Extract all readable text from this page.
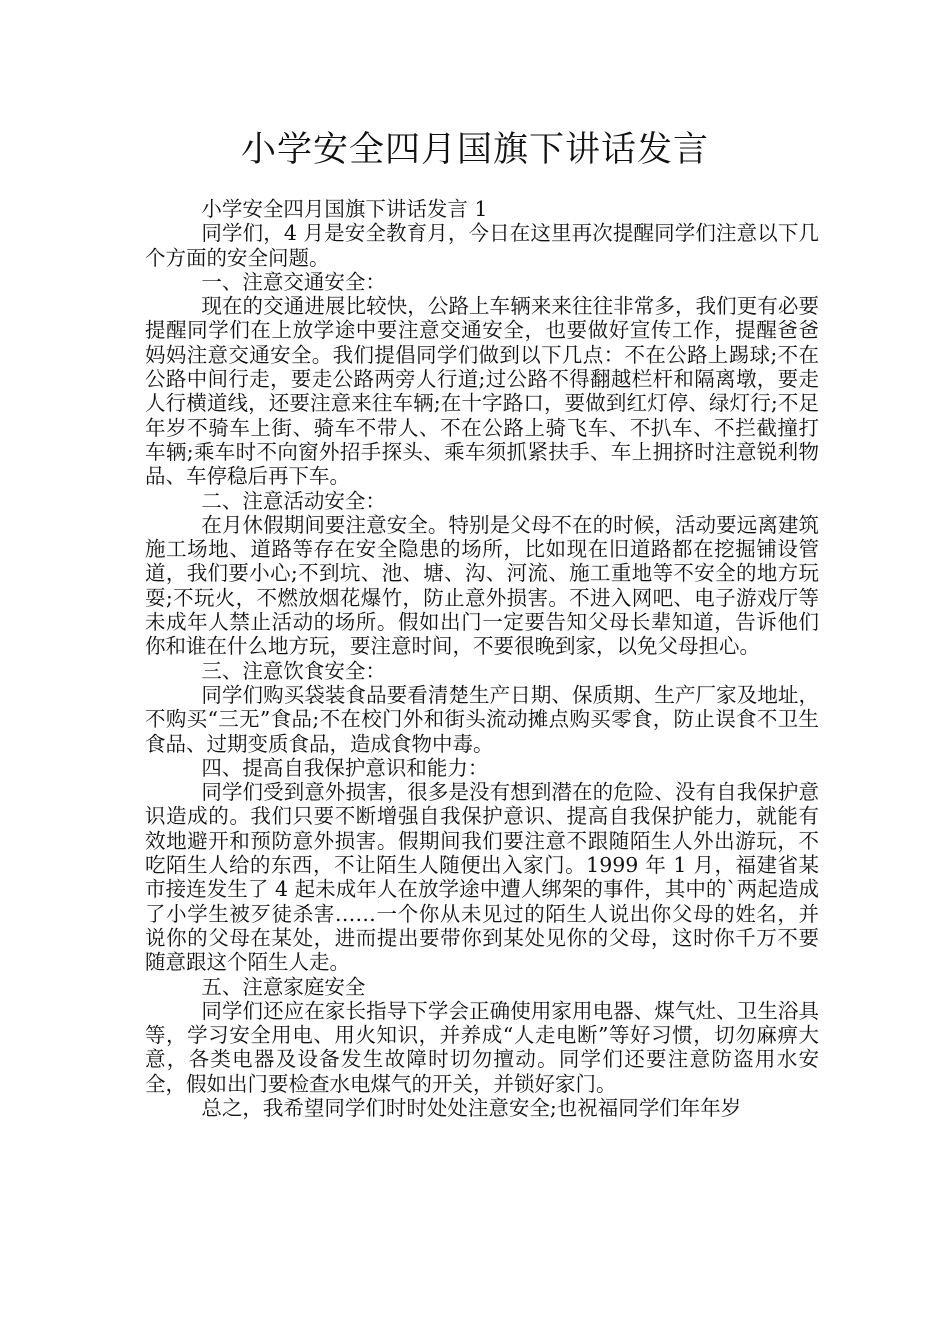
小学安全四月国旗下讲话发言

小学安全四月国旗下讲话发言 1

同学们，4 月是安全教育月，今日在这里再次提醒同学们注意以下几个方面的安全问题。

一、注意交通安全：

现在的交通进展比较快，公路上车辆来来往往非常多，我们更有必要提醒同学们在上放学途中要注意交通安全，也要做好宣传工作，提醒爸爸妈妈注意交通安全。我们提倡同学们做到以下几点：不在公路上踢球;不在公路中间行走，要走公路两旁人行道;过公路不得翻越栏杆和隔离墩，要走人行横道线，还要注意来往车辆;在十字路口，要做到红灯停、绿灯行;不足年岁不骑车上街、骑车不带人、不在公路上骑飞车、不扒车、不拦截撞打车辆;乘车时不向窗外招手探头、乘车须抓紧扶手、车上拥挤时注意锐利物品、车停稳后再下车。

二、注意活动安全：

在月休假期间要注意安全。特别是父母不在的时候，活动要远离建筑施工场地、道路等存在安全隐患的场所，比如现在旧道路都在挖掘铺设管道，我们要小心;不到坑、池、塘、沟、河流、施工重地等不安全的地方玩耍;不玩火，不燃放烟花爆竹，防止意外损害。不进入网吧、电子游戏厅等未成年人禁止活动的场所。假如出门一定要告知父母长辈知道，告诉他们你和谁在什么地方玩，要注意时间，不要很晚到家，以免父母担心。

三、注意饮食安全：

同学们购买袋装食品要看清楚生产日期、保质期、生产厂家及地址，不购买“三无”食品;不在校门外和街头流动摊点购买零食，防止误食不卫生食品、过期变质食品，造成食物中毒。

四、提高自我保护意识和能力：

同学们受到意外损害，很多是没有想到潜在的危险、没有自我保护意识造成的。我们只要不断增强自我保护意识、提高自我保护能力，就能有效地避开和预防意外损害。假期间我们要注意不跟随陌生人外出游玩，不吃陌生人给的东西，不让陌生人随便出入家门。1999 年 1 月，福建省某市接连发生了 4 起未成年人在放学途中遭人绑架的事件，其中的`两起造成了小学生被歹徒杀害……一个你从未见过的陌生人说出你父母的姓名，并说你的父母在某处，进而提出要带你到某处见你的父母，这时你千万不要随意跟这个陌生人走。

五、注意家庭安全

同学们还应在家长指导下学会正确使用家用电器、煤气灶、卫生浴具等，学习安全用电、用火知识，并养成“人走电断”等好习惯，切勿麻痹大意，各类电器及设备发生故障时切勿擅动。同学们还要注意防盗用水安全，假如出门要检查水电煤气的开关，并锁好家门。

总之，我希望同学们时时处处注意安全;也祝福同学们年年岁
